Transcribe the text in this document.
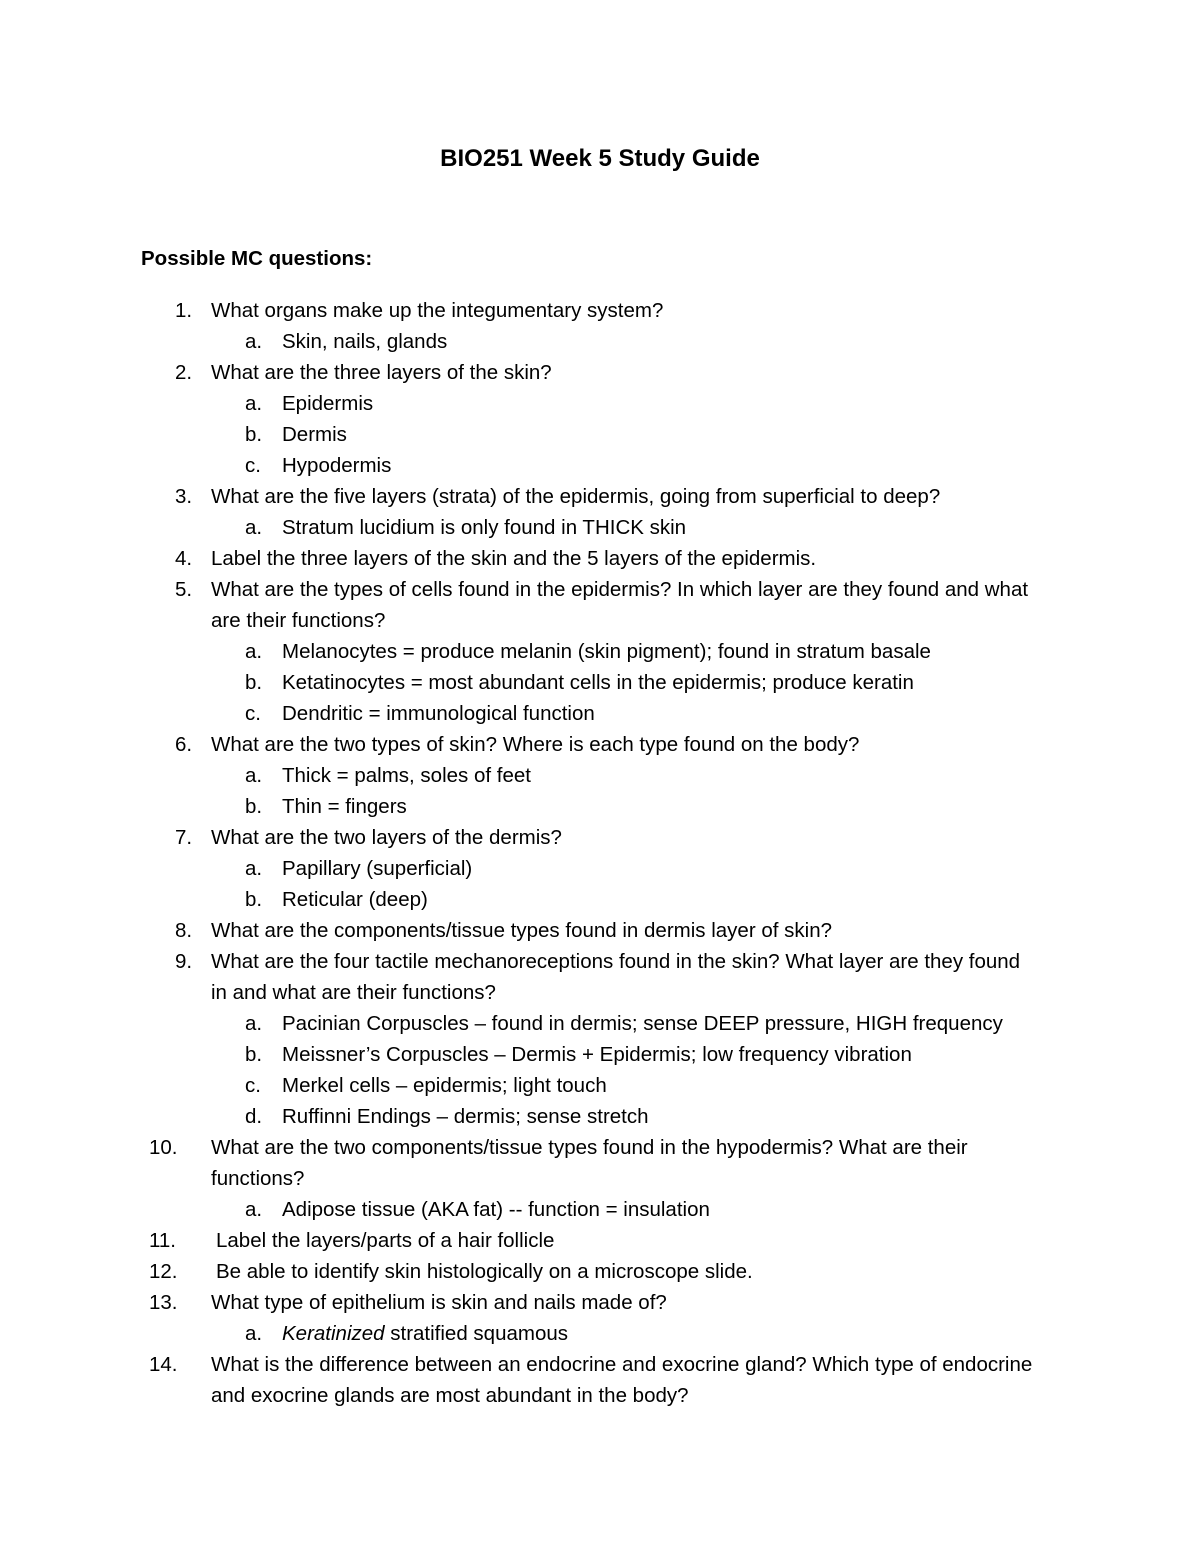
BIO251 Week 5 Study Guide
Possible MC questions:
1. What organs make up the integumentary system?
a. Skin, nails, glands
2. What are the three layers of the skin?
a. Epidermis
b. Dermis
c. Hypodermis
3. What are the five layers (strata) of the epidermis, going from superficial to deep?
a. Stratum lucidium is only found in THICK skin
4. Label the three layers of the skin and the 5 layers of the epidermis.
5. What are the types of cells found in the epidermis? In which layer are they found and what are their functions?
a. Melanocytes = produce melanin (skin pigment); found in stratum basale
b. Ketatinocytes = most abundant cells in the epidermis; produce keratin
c. Dendritic = immunological function
6. What are the two types of skin? Where is each type found on the body?
a. Thick = palms, soles of feet
b. Thin = fingers
7. What are the two layers of the dermis?
a. Papillary (superficial)
b. Reticular (deep)
8. What are the components/tissue types found in dermis layer of skin?
9. What are the four tactile mechanoreceptions found in the skin? What layer are they found in and what are their functions?
a. Pacinian Corpuscles – found in dermis; sense DEEP pressure, HIGH frequency
b. Meissner’s Corpuscles – Dermis + Epidermis; low frequency vibration
c. Merkel cells – epidermis; light touch
d. Ruffinni Endings – dermis; sense stretch
10. What are the two components/tissue types found in the hypodermis? What are their functions?
a. Adipose tissue (AKA fat) -- function = insulation
11. Label the layers/parts of a hair follicle
12. Be able to identify skin histologically on a microscope slide.
13. What type of epithelium is skin and nails made of?
a. Keratinized stratified squamous
14. What is the difference between an endocrine and exocrine gland? Which type of endocrine and exocrine glands are most abundant in the body?
